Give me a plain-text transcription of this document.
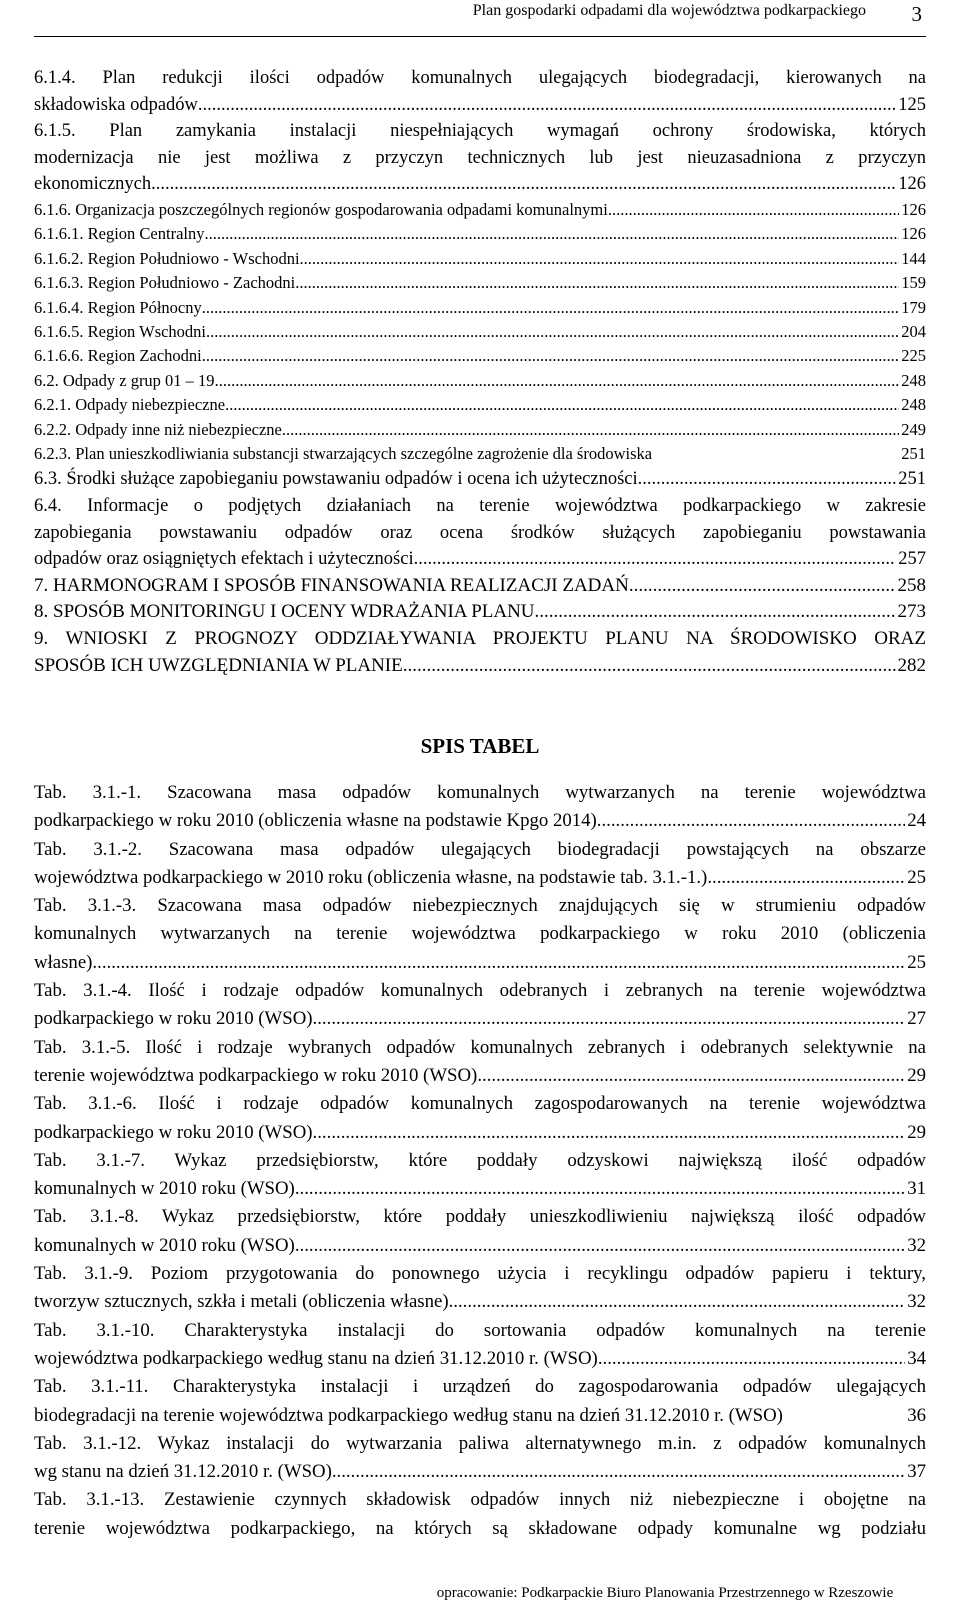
Plan gospodarki odpadami dla województwa podkarpackiego 3
6.1.4. Plan redukcji ilości odpadów komunalnych ulegających biodegradacji, kierowanych na
składowiska odpadów .....	125
6.1.5. Plan zamykania instalacji niespełniających wymagań ochrony środowiska, których
modernizacja nie jest możliwa z przyczyn technicznych lub jest nieuzasadniona z przyczyn
ekonomicznych .....	126
6.1.6. Organizacja poszczególnych regionów gospodarowania odpadami komunalnymi .....	126
6.1.6.1. Region Centralny .....	126
6.1.6.2. Region Południowo - Wschodni .....	144
6.1.6.3. Region Południowo - Zachodni .....	159
6.1.6.4. Region Północny .....	179
6.1.6.5. Region Wschodni .....	204
6.1.6.6. Region Zachodni .....	225
6.2. Odpady z grup 01 – 19 .....	248
6.2.1. Odpady niebezpieczne .....	248
6.2.2. Odpady inne niż niebezpieczne .....	249
6.2.3. Plan unieszkodliwiania substancji stwarzających szczególne zagrożenie dla środowiska	251
6.3. Środki służące zapobieganiu powstawaniu odpadów i ocena ich użyteczności .....	251
6.4. Informacje o podjętych działaniach na terenie województwa podkarpackiego w zakresie
zapobiegania powstawaniu odpadów oraz ocena środków służących zapobieganiu powstawania
odpadów oraz osiągniętych efektach i użyteczności .....	257
7. HARMONOGRAM I SPOSÓB FINANSOWANIA REALIZACJI ZADAŃ .....	258
8. SPOSÓB MONITORINGU I OCENY WDRAŻANIA PLANU .....	273
9. WNIOSKI Z PROGNOZY ODDZIAŁYWANIA PROJEKTU PLANU NA ŚRODOWISKO ORAZ
SPOSÓB ICH UWZGLĘDNIANIA W PLANIE .....	282
SPIS TABEL
Tab. 3.1.-1. Szacowana masa odpadów komunalnych wytwarzanych na terenie województwa
podkarpackiego w roku 2010 (obliczenia własne na podstawie Kpgo 2014) .....	24
Tab. 3.1.-2. Szacowana masa odpadów ulegających biodegradacji powstających na obszarze
województwa podkarpackiego w 2010 roku (obliczenia własne, na podstawie tab. 3.1.-1.) .....	25
Tab. 3.1.-3. Szacowana masa odpadów niebezpiecznych znajdujących się w strumieniu odpadów
komunalnych wytwarzanych na terenie województwa podkarpackiego w roku 2010 (obliczenia
własne) .....	25
Tab. 3.1.-4. Ilość i rodzaje odpadów komunalnych odebranych i zebranych na terenie województwa
podkarpackiego w roku 2010 (WSO) .....	27
Tab. 3.1.-5. Ilość i rodzaje wybranych odpadów komunalnych zebranych i odebranych selektywnie na
terenie województwa podkarpackiego w roku 2010 (WSO) .....	29
Tab. 3.1.-6. Ilość i rodzaje odpadów komunalnych zagospodarowanych na terenie województwa
podkarpackiego w roku 2010 (WSO) .....	29
Tab. 3.1.-7. Wykaz przedsiębiorstw, które poddały odzyskowi największą ilość odpadów
komunalnych w 2010 roku (WSO) .....	31
Tab. 3.1.-8. Wykaz przedsiębiorstw, które poddały unieszkodliwieniu największą ilość odpadów
komunalnych w 2010 roku (WSO) .....	32
Tab. 3.1.-9. Poziom przygotowania do ponownego użycia i recyklingu odpadów papieru i tektury,
tworzyw sztucznych, szkła i metali (obliczenia własne) .....	32
Tab. 3.1.-10. Charakterystyka instalacji do sortowania odpadów komunalnych na terenie
województwa podkarpackiego według stanu na dzień 31.12.2010 r. (WSO) .....	34
Tab. 3.1.-11. Charakterystyka instalacji i urządzeń do zagospodarowania odpadów ulegających
biodegradacji na terenie województwa podkarpackiego według stanu na dzień 31.12.2010 r. (WSO)	36
Tab. 3.1.-12. Wykaz instalacji do wytwarzania paliwa alternatywnego m.in. z odpadów komunalnych
wg stanu na dzień 31.12.2010 r. (WSO) .....	37
Tab. 3.1.-13. Zestawienie czynnych składowisk odpadów innych niż niebezpieczne i obojętne na
terenie województwa podkarpackiego, na których są składowane odpady komunalne wg podziału
opracowanie: Podkarpackie Biuro Planowania Przestrzennego w Rzeszowie
